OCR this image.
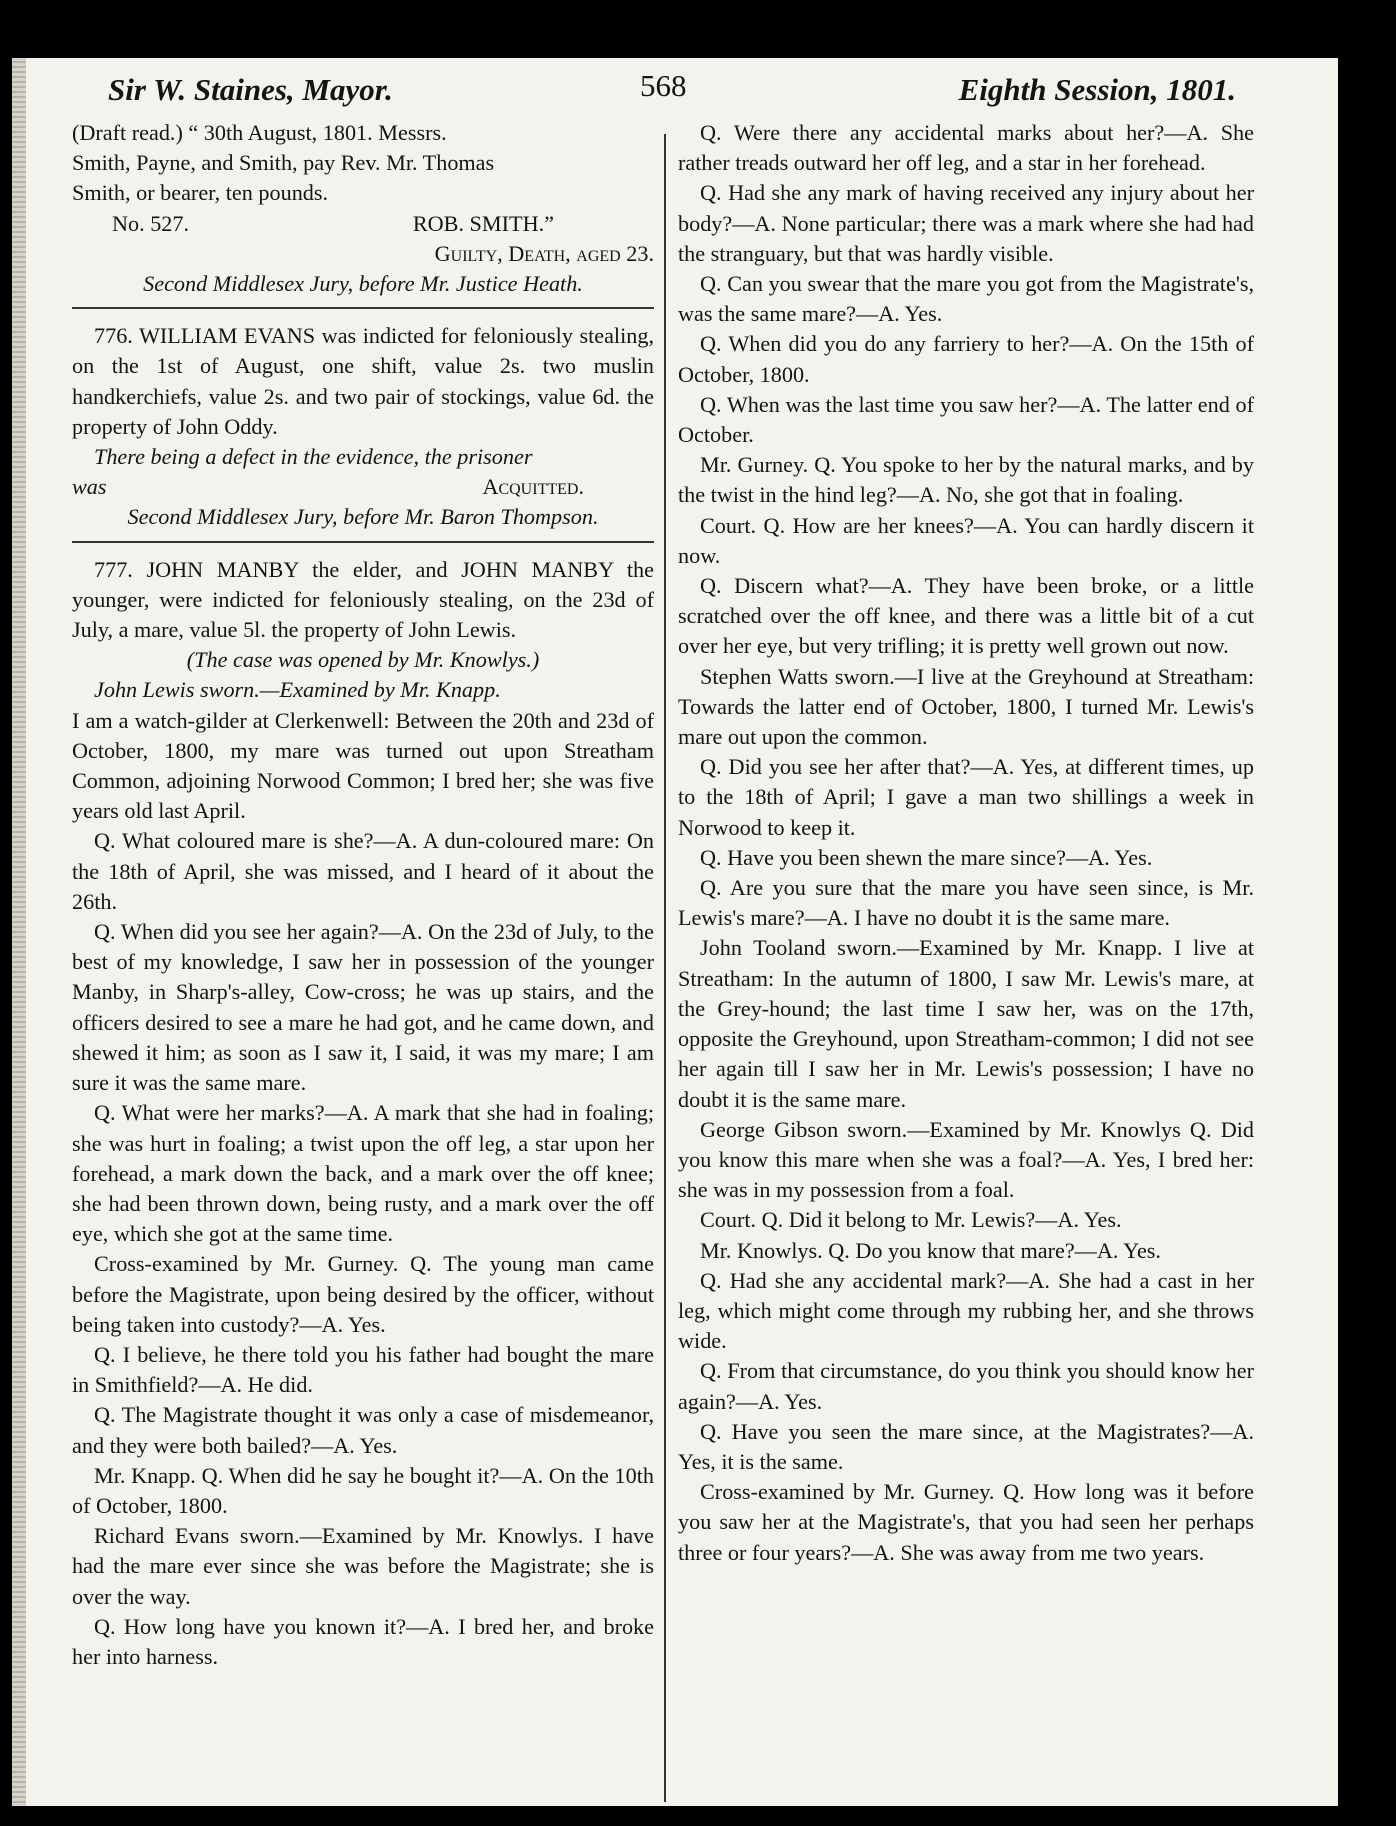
Sir W. Staines, Mayor.	568	Eighth Session, 1801.

(Draft read.) “ 30th August, 1801. Messrs.

Smith, Payne, and Smith, pay Rev. Mr. Thomas

Smith, or bearer, ten pounds.

No. 527.	ROB. SMITH.”

Guilty, Death, aged 23.

Second Middlesex Jury, before Mr. Justice Heath.

776. WILLIAM EVANS was indicted for feloniously stealing, on the 1st of August, one shift, value 2s. two muslin handkerchiefs, value 2s. and two pair of stockings, value 6d. the property of John Oddy.

There being a defect in the evidence, the prisoner

was	Acquitted.

Second Middlesex Jury, before Mr. Baron Thompson.

777. JOHN MANBY the elder, and JOHN MANBY the younger, were indicted for feloniously stealing, on the 23d of July, a mare, value 5l. the property of John Lewis.

(The case was opened by Mr. Knowlys.)

John Lewis sworn.—Examined by Mr. Knapp.

I am a watch-gilder at Clerkenwell: Between the 20th and 23d of October, 1800, my mare was turned out upon Streatham Common, adjoining Norwood Common; I bred her; she was five years old last April.

Q. What coloured mare is she?—A. A dun-coloured mare: On the 18th of April, she was missed, and I heard of it about the 26th.

Q. When did you see her again?—A. On the 23d of July, to the best of my knowledge, I saw her in possession of the younger Manby, in Sharp's-alley, Cow-cross; he was up stairs, and the officers desired to see a mare he had got, and he came down, and shewed it him; as soon as I saw it, I said, it was my mare; I am sure it was the same mare.

Q. What were her marks?—A. A mark that she had in foaling; she was hurt in foaling; a twist upon the off leg, a star upon her forehead, a mark down the back, and a mark over the off knee; she had been thrown down, being rusty, and a mark over the off eye, which she got at the same time.

Cross-examined by Mr. Gurney. Q. The young man came before the Magistrate, upon being desired by the officer, without being taken into custody?—A. Yes.

Q. I believe, he there told you his father had bought the mare in Smithfield?—A. He did.

Q. The Magistrate thought it was only a case of misdemeanor, and they were both bailed?—A. Yes.

Mr. Knapp. Q. When did he say he bought it?—A. On the 10th of October, 1800.

Richard Evans sworn.—Examined by Mr. Knowlys. I have had the mare ever since she was before the Magistrate; she is over the way.

Q. How long have you known it?—A. I bred her, and broke her into harness.

Q. Were there any accidental marks about her?—A. She rather treads outward her off leg, and a star in her forehead.

Q. Had she any mark of having received any injury about her body?—A. None particular; there was a mark where she had had the stranguary, but that was hardly visible.

Q. Can you swear that the mare you got from the Magistrate's, was the same mare?—A. Yes.

Q. When did you do any farriery to her?—A. On the 15th of October, 1800.

Q. When was the last time you saw her?—A. The latter end of October.

Mr. Gurney. Q. You spoke to her by the natural marks, and by the twist in the hind leg?—A. No, she got that in foaling.

Court. Q. How are her knees?—A. You can hardly discern it now.

Q. Discern what?—A. They have been broke, or a little scratched over the off knee, and there was a little bit of a cut over her eye, but very trifling; it is pretty well grown out now.

Stephen Watts sworn.—I live at the Greyhound at Streatham: Towards the latter end of October, 1800, I turned Mr. Lewis's mare out upon the common.

Q. Did you see her after that?—A. Yes, at different times, up to the 18th of April; I gave a man two shillings a week in Norwood to keep it.

Q. Have you been shewn the mare since?—A. Yes.

Q. Are you sure that the mare you have seen since, is Mr. Lewis's mare?—A. I have no doubt it is the same mare.

John Tooland sworn.—Examined by Mr. Knapp. I live at Streatham: In the autumn of 1800, I saw Mr. Lewis's mare, at the Grey-hound; the last time I saw her, was on the 17th, opposite the Greyhound, upon Streatham-common; I did not see her again till I saw her in Mr. Lewis's possession; I have no doubt it is the same mare.

George Gibson sworn.—Examined by Mr. Knowlys Q. Did you know this mare when she was a foal?—A. Yes, I bred her: she was in my possession from a foal.

Court. Q. Did it belong to Mr. Lewis?—A. Yes.

Mr. Knowlys. Q. Do you know that mare?—A. Yes.

Q. Had she any accidental mark?—A. She had a cast in her leg, which might come through my rubbing her, and she throws wide.

Q. From that circumstance, do you think you should know her again?—A. Yes.

Q. Have you seen the mare since, at the Magistrates?—A. Yes, it is the same.

Cross-examined by Mr. Gurney. Q. How long was it before you saw her at the Magistrate's, that you had seen her perhaps three or four years?—A. She was away from me two years.
